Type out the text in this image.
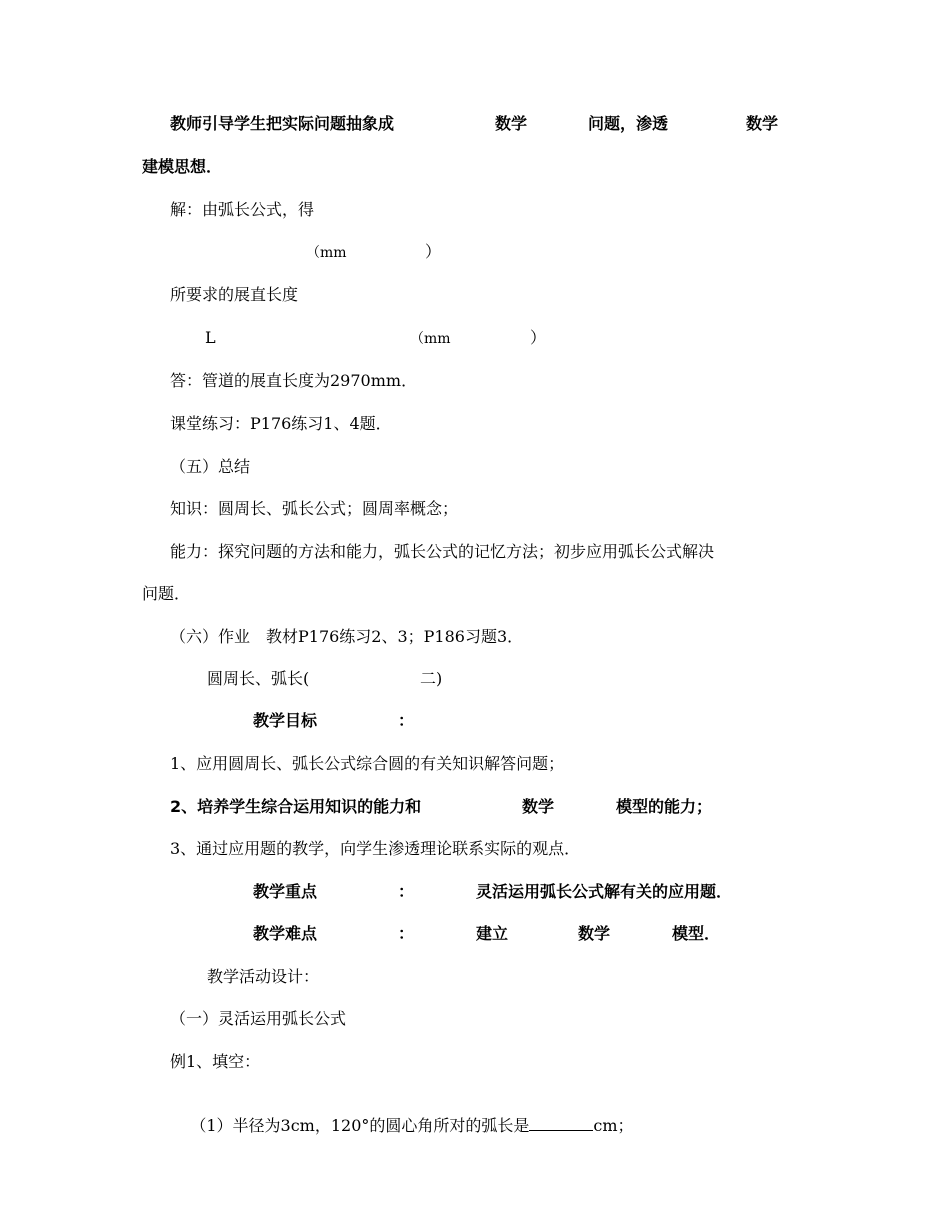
教师引导学生把实际问题抽象成	数学	问题，渗透	数学
建模思想．
解：由弧长公式，得
（mm	）
所要求的展直长度
L	（mm	）
答：管道的展直长度为2970mm．
课堂练习：P176练习1、4题．
（五）总结
知识：圆周长、弧长公式；圆周率概念；
能力：探究问题的方法和能力，弧长公式的记忆方法；初步应用弧长公式解决
问题．
（六）作业　教材P176练习2、3；P186习题3．
圆周长、弧长(	二)
教学目标	：
1、应用圆周长、弧长公式综合圆的有关知识解答问题；
2、培养学生综合运用知识的能力和	数学	模型的能力；
3、通过应用题的教学，向学生渗透理论联系实际的观点．
教学重点	：	灵活运用弧长公式解有关的应用题．
教学难点	：	建立	数学	模型．
教学活动设计：
（一）灵活运用弧长公式
例1、填空：

（1）半径为3cm，120°的圆心角所对的弧长是	cm；
